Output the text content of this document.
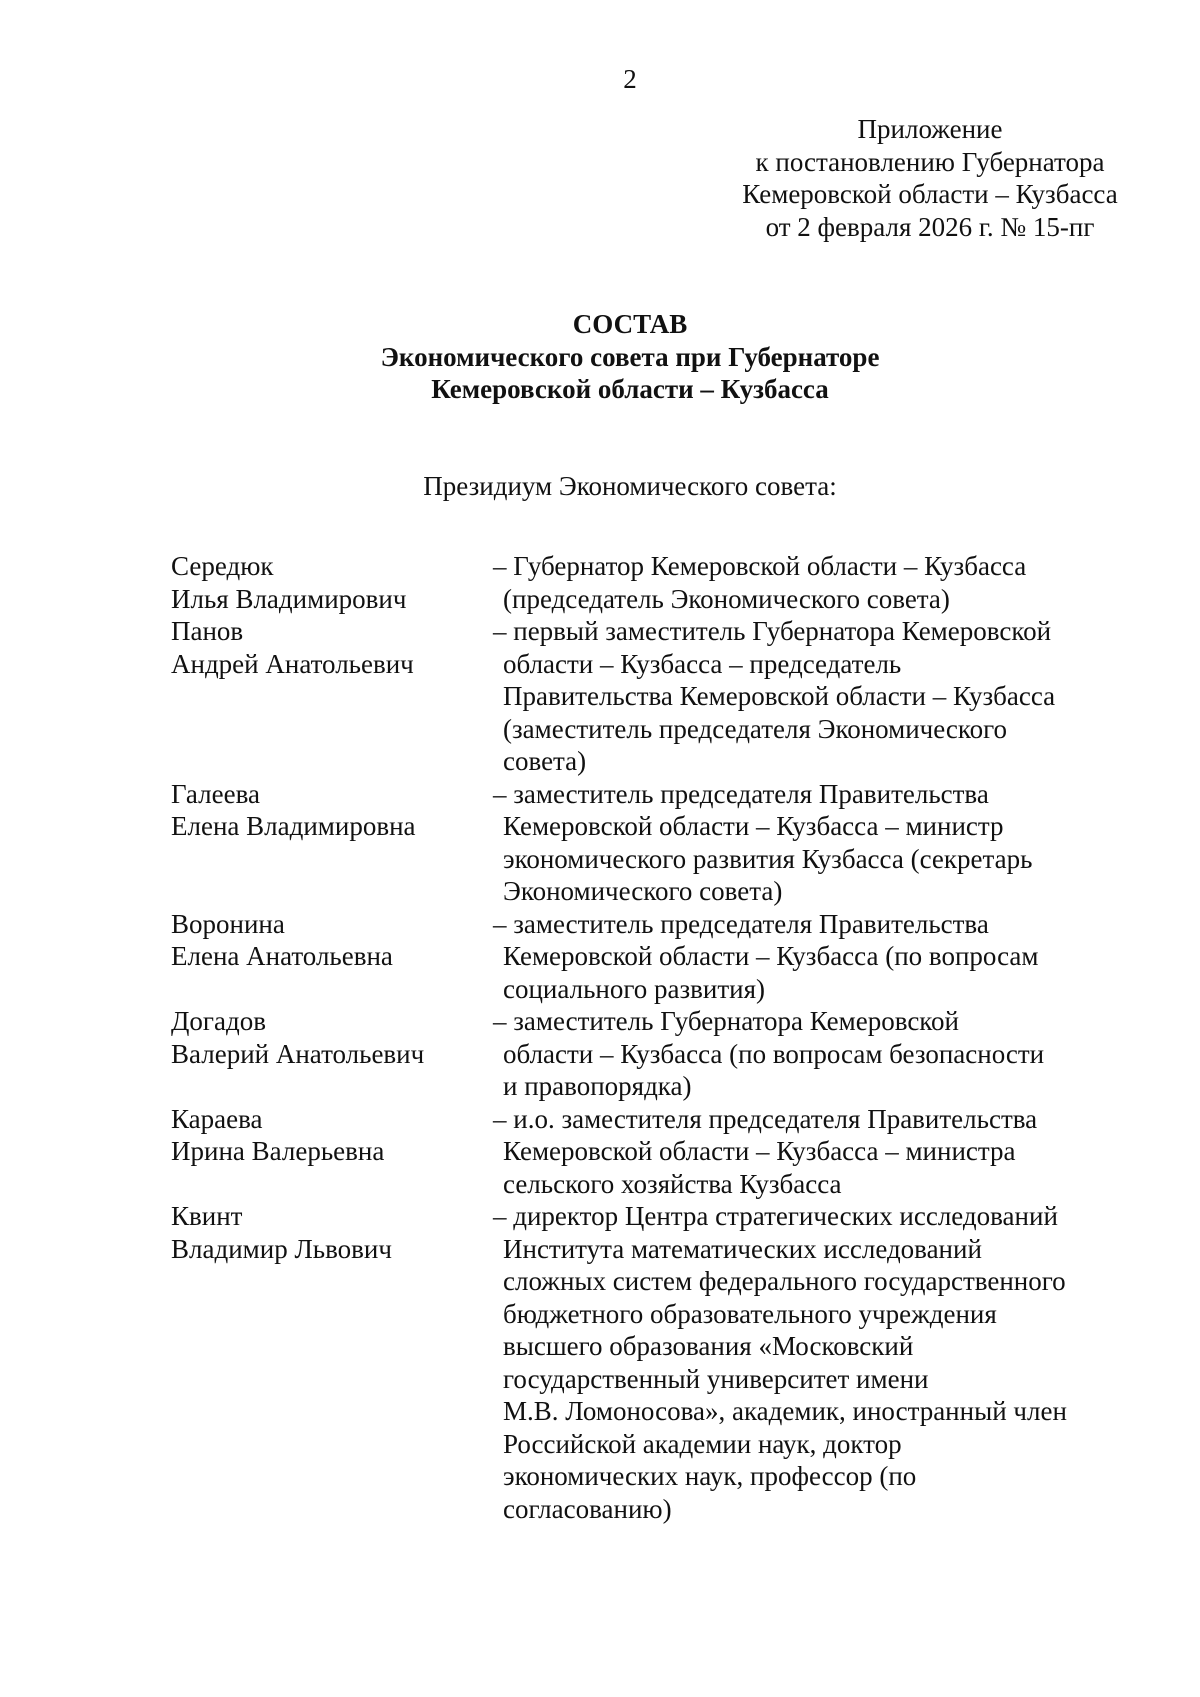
2
Приложение
к постановлению Губернатора
Кемеровской области – Кузбасса
от 2 февраля 2026 г. № 15-пг
СОСТАВ
Экономического совета при Губернаторе
Кемеровской области – Кузбасса
Президиум Экономического совета:
Середюк
Илья Владимирович
– Губернатор Кемеровской области – Кузбасса
(председатель Экономического совета)
Панов
Андрей Анатольевич
– первый заместитель Губернатора Кемеровской
области – Кузбасса – председатель
Правительства Кемеровской области – Кузбасса
(заместитель председателя Экономического
совета)
Галеева
Елена Владимировна
– заместитель председателя Правительства
Кемеровской области – Кузбасса – министр
экономического развития Кузбасса (секретарь
Экономического совета)
Воронина
Елена Анатольевна
– заместитель председателя Правительства
Кемеровской области – Кузбасса (по вопросам
социального развития)
Догадов
Валерий Анатольевич
– заместитель Губернатора Кемеровской
области – Кузбасса (по вопросам безопасности
и правопорядка)
Караева
Ирина Валерьевна
– и.о. заместителя председателя Правительства
Кемеровской области – Кузбасса – министра
сельского хозяйства Кузбасса
Квинт
Владимир Львович
– директор Центра стратегических исследований
Института математических исследований
сложных систем федерального государственного
бюджетного образовательного учреждения
высшего образования «Московский
государственный университет имени
М.В. Ломоносова», академик, иностранный член
Российской академии наук, доктор
экономических наук, профессор (по
согласованию)
